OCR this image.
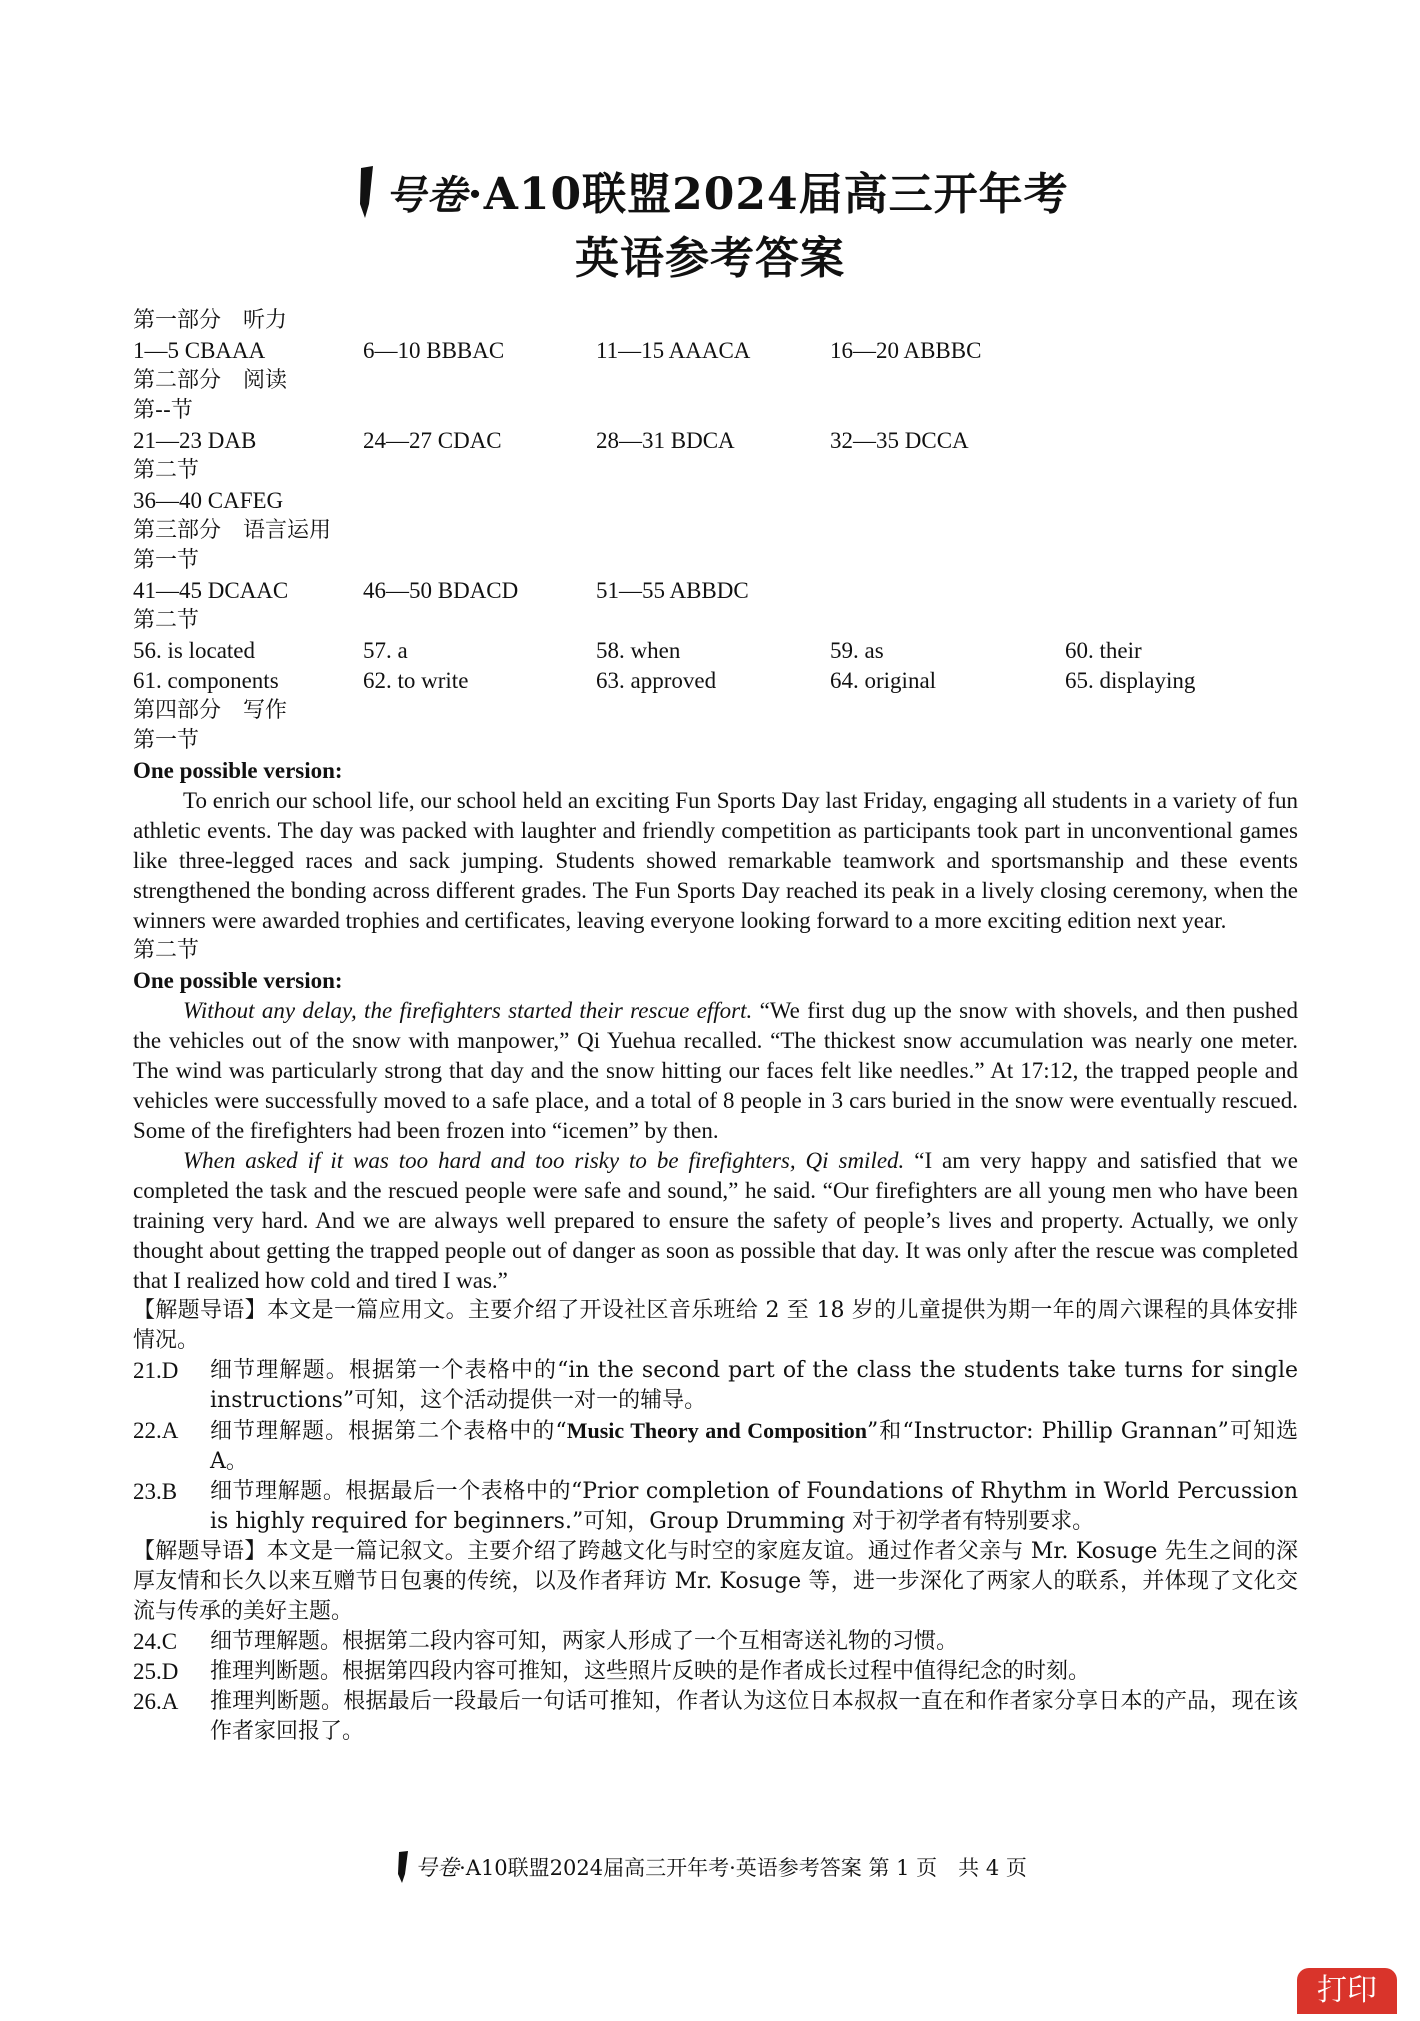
号卷·A10联盟2024届高三开年考
英语参考答案
第一部分　听力
1—5 CBAAA	6—10 BBBAC	11—15 AAACA	16—20 ABBBC
第二部分　阅读
第--节
21—23 DAB	24—27 CDAC	28—31 BDCA	32—35 DCCA
第二节
36—40 CAFEG
第三部分　语言运用
第一节
41—45 DCAAC	46—50 BDACD	51—55 ABBDC
第二节
56. is located	57. a	58. when	59. as	60. their
61. components	62. to write	63. approved	64. original	65. displaying
第四部分　写作
第一节
One possible version:

To enrich our school life, our school held an exciting Fun Sports Day last Friday, engaging all students in a variety of fun athletic events. The day was packed with laughter and friendly competition as participants took part in unconventional games like three-legged races and sack jumping. Students showed remarkable teamwork and sportsmanship and these events strengthened the bonding across different grades. The Fun Sports Day reached its peak in a lively closing ceremony, when the winners were awarded trophies and certificates, leaving everyone looking forward to a more exciting edition next year.

第二节
One possible version:

Without any delay, the firefighters started their rescue effort. “We first dug up the snow with shovels, and then pushed the vehicles out of the snow with manpower,” Qi Yuehua recalled. “The thickest snow accumulation was nearly one meter. The wind was particularly strong that day and the snow hitting our faces felt like needles.” At 17:12, the trapped people and vehicles were successfully moved to a safe place, and a total of 8 people in 3 cars buried in the snow were eventually rescued. Some of the firefighters had been frozen into “icemen” by then.

When asked if it was too hard and too risky to be firefighters, Qi smiled. “I am very happy and satisfied that we completed the task and the rescued people were safe and sound,” he said. “Our firefighters are all young men who have been training very hard. And we are always well prepared to ensure the safety of people’s lives and property. Actually, we only thought about getting the trapped people out of danger as soon as possible that day. It was only after the rescue was completed that I realized how cold and tired I was.”

【解题导语】本文是一篇应用文。主要介绍了开设社区音乐班给 2 至 18 岁的儿童提供为期一年的周六课程的具体安排情况。

21.D	细节理解题。根据第一个表格中的“in the second part of the class the students take turns for single instructions”可知，这个活动提供一对一的辅导。
22.A	细节理解题。根据第二个表格中的“Music Theory and Composition”和“Instructor: Phillip Grannan”可知选 A。
23.B	细节理解题。根据最后一个表格中的“Prior completion of Foundations of Rhythm in World Percussion is highly required for beginners.”可知，Group Drumming 对于初学者有特别要求。

【解题导语】本文是一篇记叙文。主要介绍了跨越文化与时空的家庭友谊。通过作者父亲与 Mr. Kosuge 先生之间的深厚友情和长久以来互赠节日包裹的传统，以及作者拜访 Mr. Kosuge 等，进一步深化了两家人的联系，并体现了文化交流与传承的美好主题。

24.C	细节理解题。根据第二段内容可知，两家人形成了一个互相寄送礼物的习惯。
25.D	推理判断题。根据第四段内容可推知，这些照片反映的是作者成长过程中值得纪念的时刻。
26.A	推理判断题。根据最后一段最后一句话可推知，作者认为这位日本叔叔一直在和作者家分享日本的产品，现在该作者家回报了。
号卷·A10联盟2024届高三开年考·英语参考答案 第 1 页　共 4 页
打印
